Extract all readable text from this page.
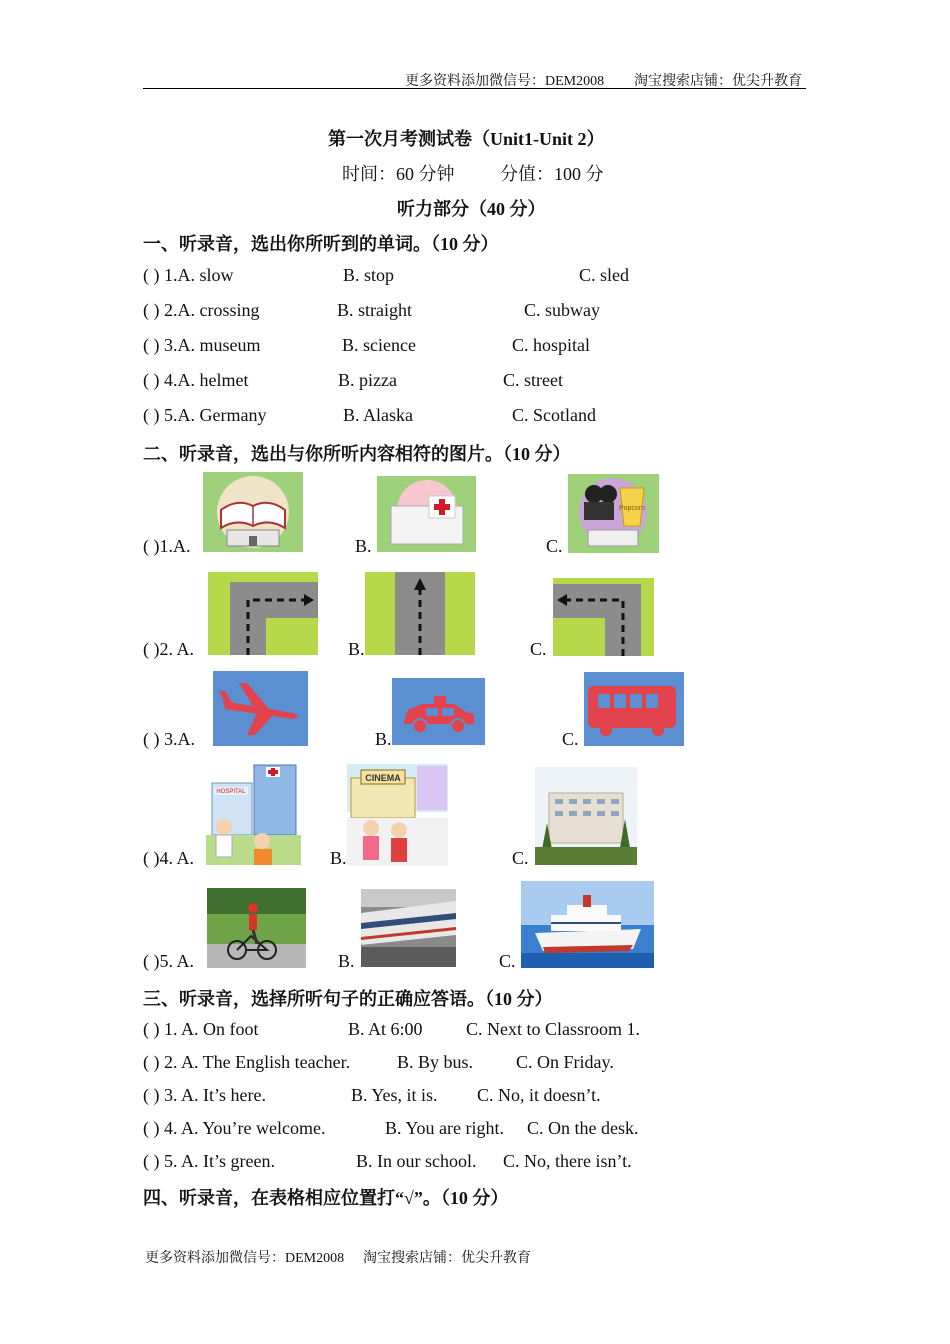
更多资料添加微信号：DEM2008 淘宝搜索店铺：优尖升教育
第一次月考测试卷（Unit1-Unit 2）
时间：60 分钟	分值：100 分
听力部分（40 分）
一、听录音，选出你所听到的单词。（10 分）
( ) 1.A. slow	B. stop	C. sled
( ) 2.A. crossing	B. straight	C. subway
( ) 3.A. museum	B. science	C. hospital
( ) 4.A. helmet	B. pizza	C. street
( ) 5.A. Germany	B. Alaska	C. Scotland
二、听录音，选出与你所听内容相符的图片。（10 分）
( )1.A.	B.	C.
Popcorn
( )2. A.	B.	C.
( ) 3.A.	B.	C.
( )4. A.
HOSPITAL
B.
CINEMA
C.
( )5. A.	B.	C.
三、听录音，选择所听句子的正确应答语。（10 分）
( ) 1. A. On foot	B. At 6:00 C. Next to Classroom 1.
( ) 2. A. The English teacher.	B. By bus. C. On Friday.
( ) 3. A. It’s here.	B. Yes, it is. C. No, it doesn’t.
( ) 4. A. You’re welcome.	B. You are right. C. On the desk.
( ) 5. A. It’s green.	B. In our school. C. No, there isn’t.
四、听录音，在表格相应位置打“√”。（10 分）
更多资料添加微信号：DEM2008 淘宝搜索店铺：优尖升教育
